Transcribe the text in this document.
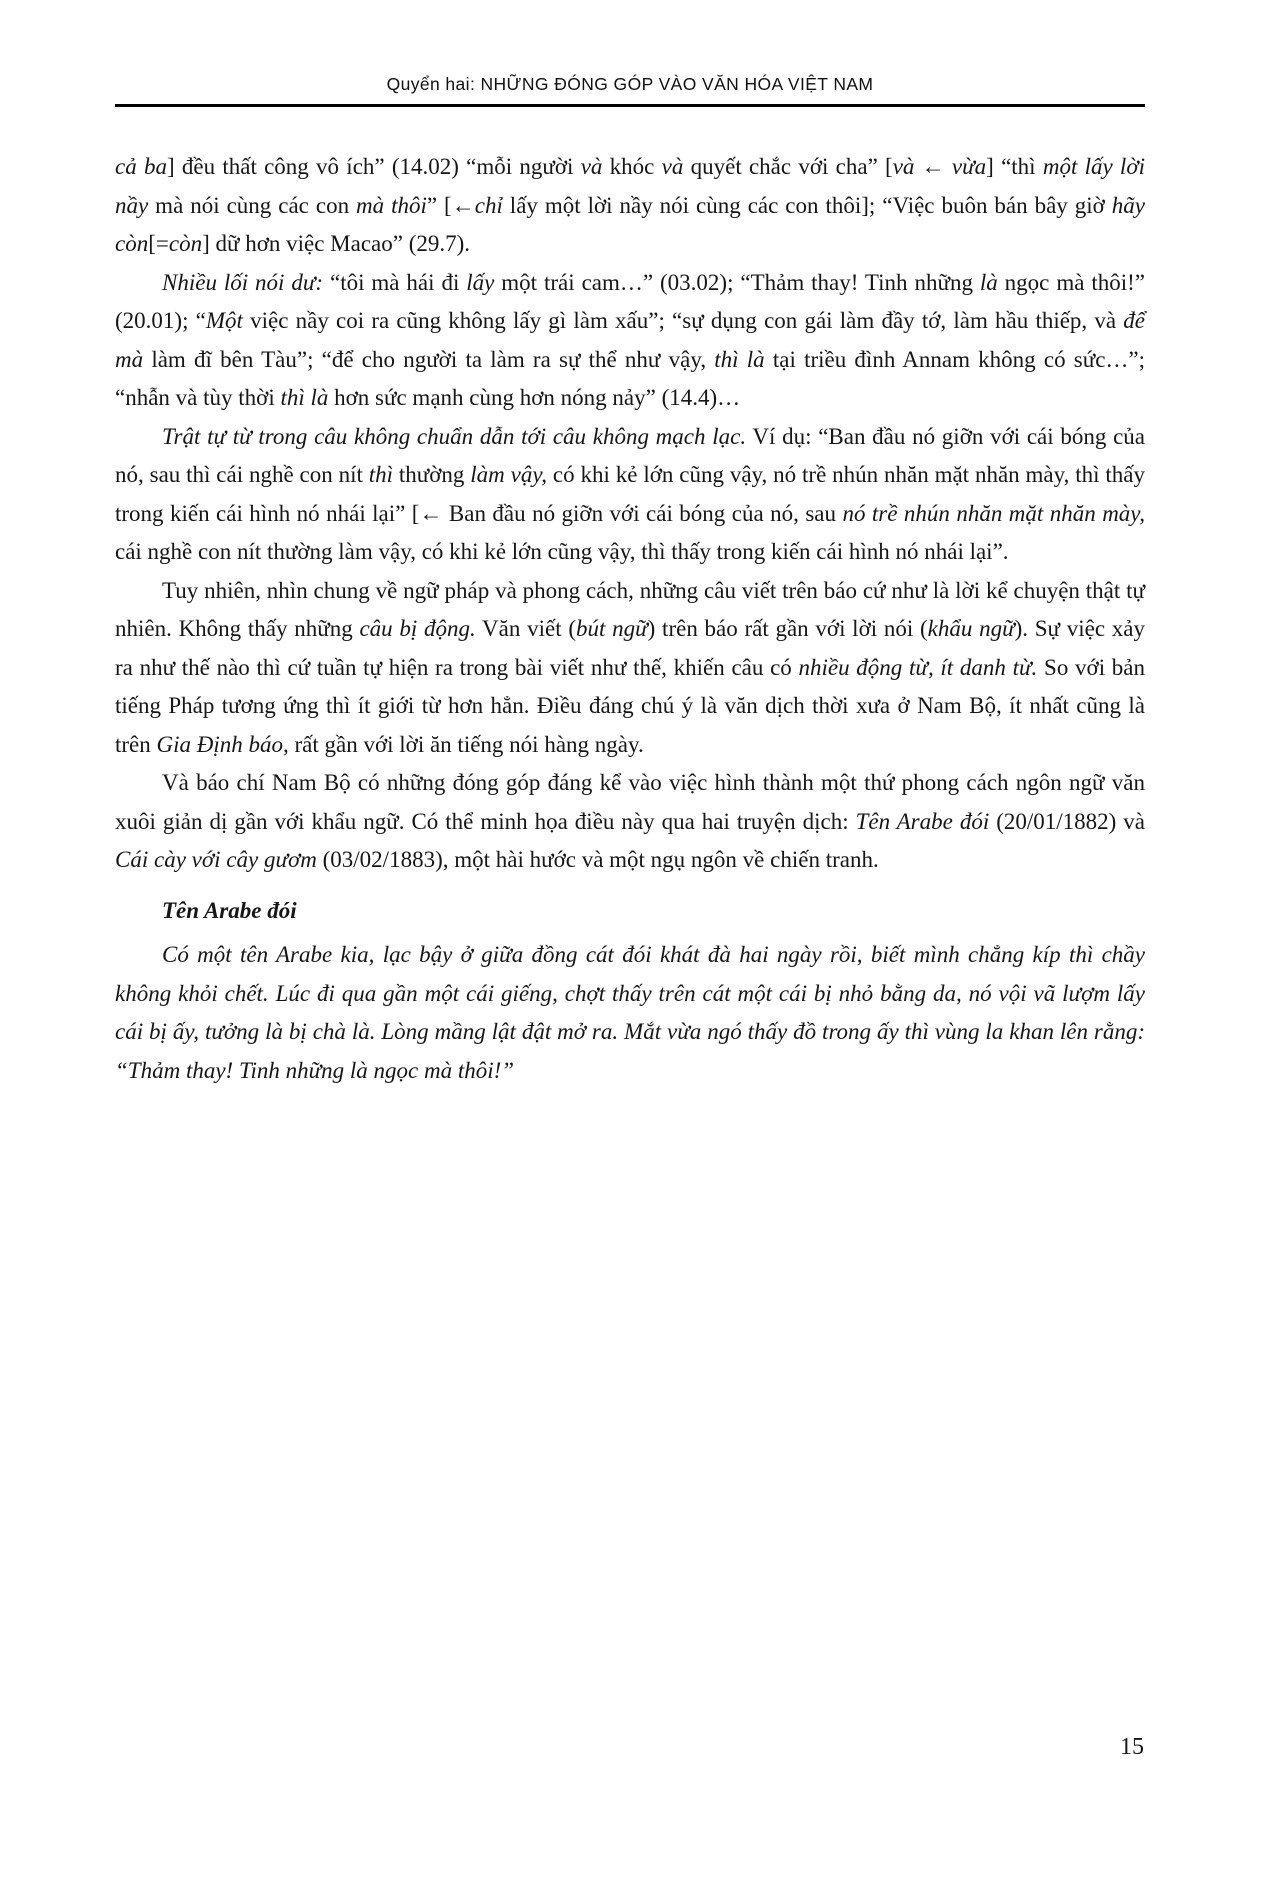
Quyển hai: NHỮNG ĐÓNG GÓP VÀO VĂN HÓA VIỆT NAM

cả ba] đều thất công vô ích” (14.02) “mỗi người và khóc và quyết chắc với cha” [và ← vừa] “thì một lấy lời nầy mà nói cùng các con mà thôi” [←chỉ lấy một lời nầy nói cùng các con thôi]; “Việc buôn bán bây giờ hãy còn[=còn] dữ hơn việc Macao” (29.7).

Nhiều lối nói dư: “tôi mà hái đi lấy một trái cam…” (03.02); “Thảm thay! Tinh những là ngọc mà thôi!” (20.01); “Một việc nầy coi ra cũng không lấy gì làm xấu”; “sự dụng con gái làm đầy tớ, làm hầu thiếp, và để mà làm đĩ bên Tàu”; “để cho người ta làm ra sự thể như vậy, thì là tại triều đình Annam không có sức…”; “nhẫn và tùy thời thì là hơn sức mạnh cùng hơn nóng nảy” (14.4)…

Trật tự từ trong câu không chuẩn dẫn tới câu không mạch lạc. Ví dụ: “Ban đầu nó giỡn với cái bóng của nó, sau thì cái nghề con nít thì thường làm vậy, có khi kẻ lớn cũng vậy, nó trề nhún nhăn mặt nhăn mày, thì thấy trong kiến cái hình nó nhái lại” [← Ban đầu nó giỡn với cái bóng của nó, sau nó trề nhún nhăn mặt nhăn mày, cái nghề con nít thường làm vậy, có khi kẻ lớn cũng vậy, thì thấy trong kiến cái hình nó nhái lại”.

Tuy nhiên, nhìn chung về ngữ pháp và phong cách, những câu viết trên báo cứ như là lời kể chuyện thật tự nhiên. Không thấy những câu bị động. Văn viết (bút ngữ) trên báo rất gần với lời nói (khẩu ngữ). Sự việc xảy ra như thế nào thì cứ tuần tự hiện ra trong bài viết như thế, khiến câu có nhiều động từ, ít danh từ. So với bản tiếng Pháp tương ứng thì ít giới từ hơn hẳn. Điều đáng chú ý là văn dịch thời xưa ở Nam Bộ, ít nhất cũng là trên Gia Định báo, rất gần với lời ăn tiếng nói hàng ngày.

Và báo chí Nam Bộ có những đóng góp đáng kể vào việc hình thành một thứ phong cách ngôn ngữ văn xuôi giản dị gần với khẩu ngữ. Có thể minh họa điều này qua hai truyện dịch: Tên Arabe đói (20/01/1882) và Cái cày với cây gươm (03/02/1883), một hài hước và một ngụ ngôn về chiến tranh.

Tên Arabe đói

Có một tên Arabe kia, lạc bậy ở giữa đồng cát đói khát đà hai ngày rồi, biết mình chẳng kíp thì chầy không khỏi chết. Lúc đi qua gần một cái giếng, chợt thấy trên cát một cái bị nhỏ bằng da, nó vội vã lượm lấy cái bị ấy, tưởng là bị chà là. Lòng mầng lật đật mở ra. Mắt vừa ngó thấy đồ trong ấy thì vùng la khan lên rằng: “Thảm thay! Tinh những là ngọc mà thôi!”

15
